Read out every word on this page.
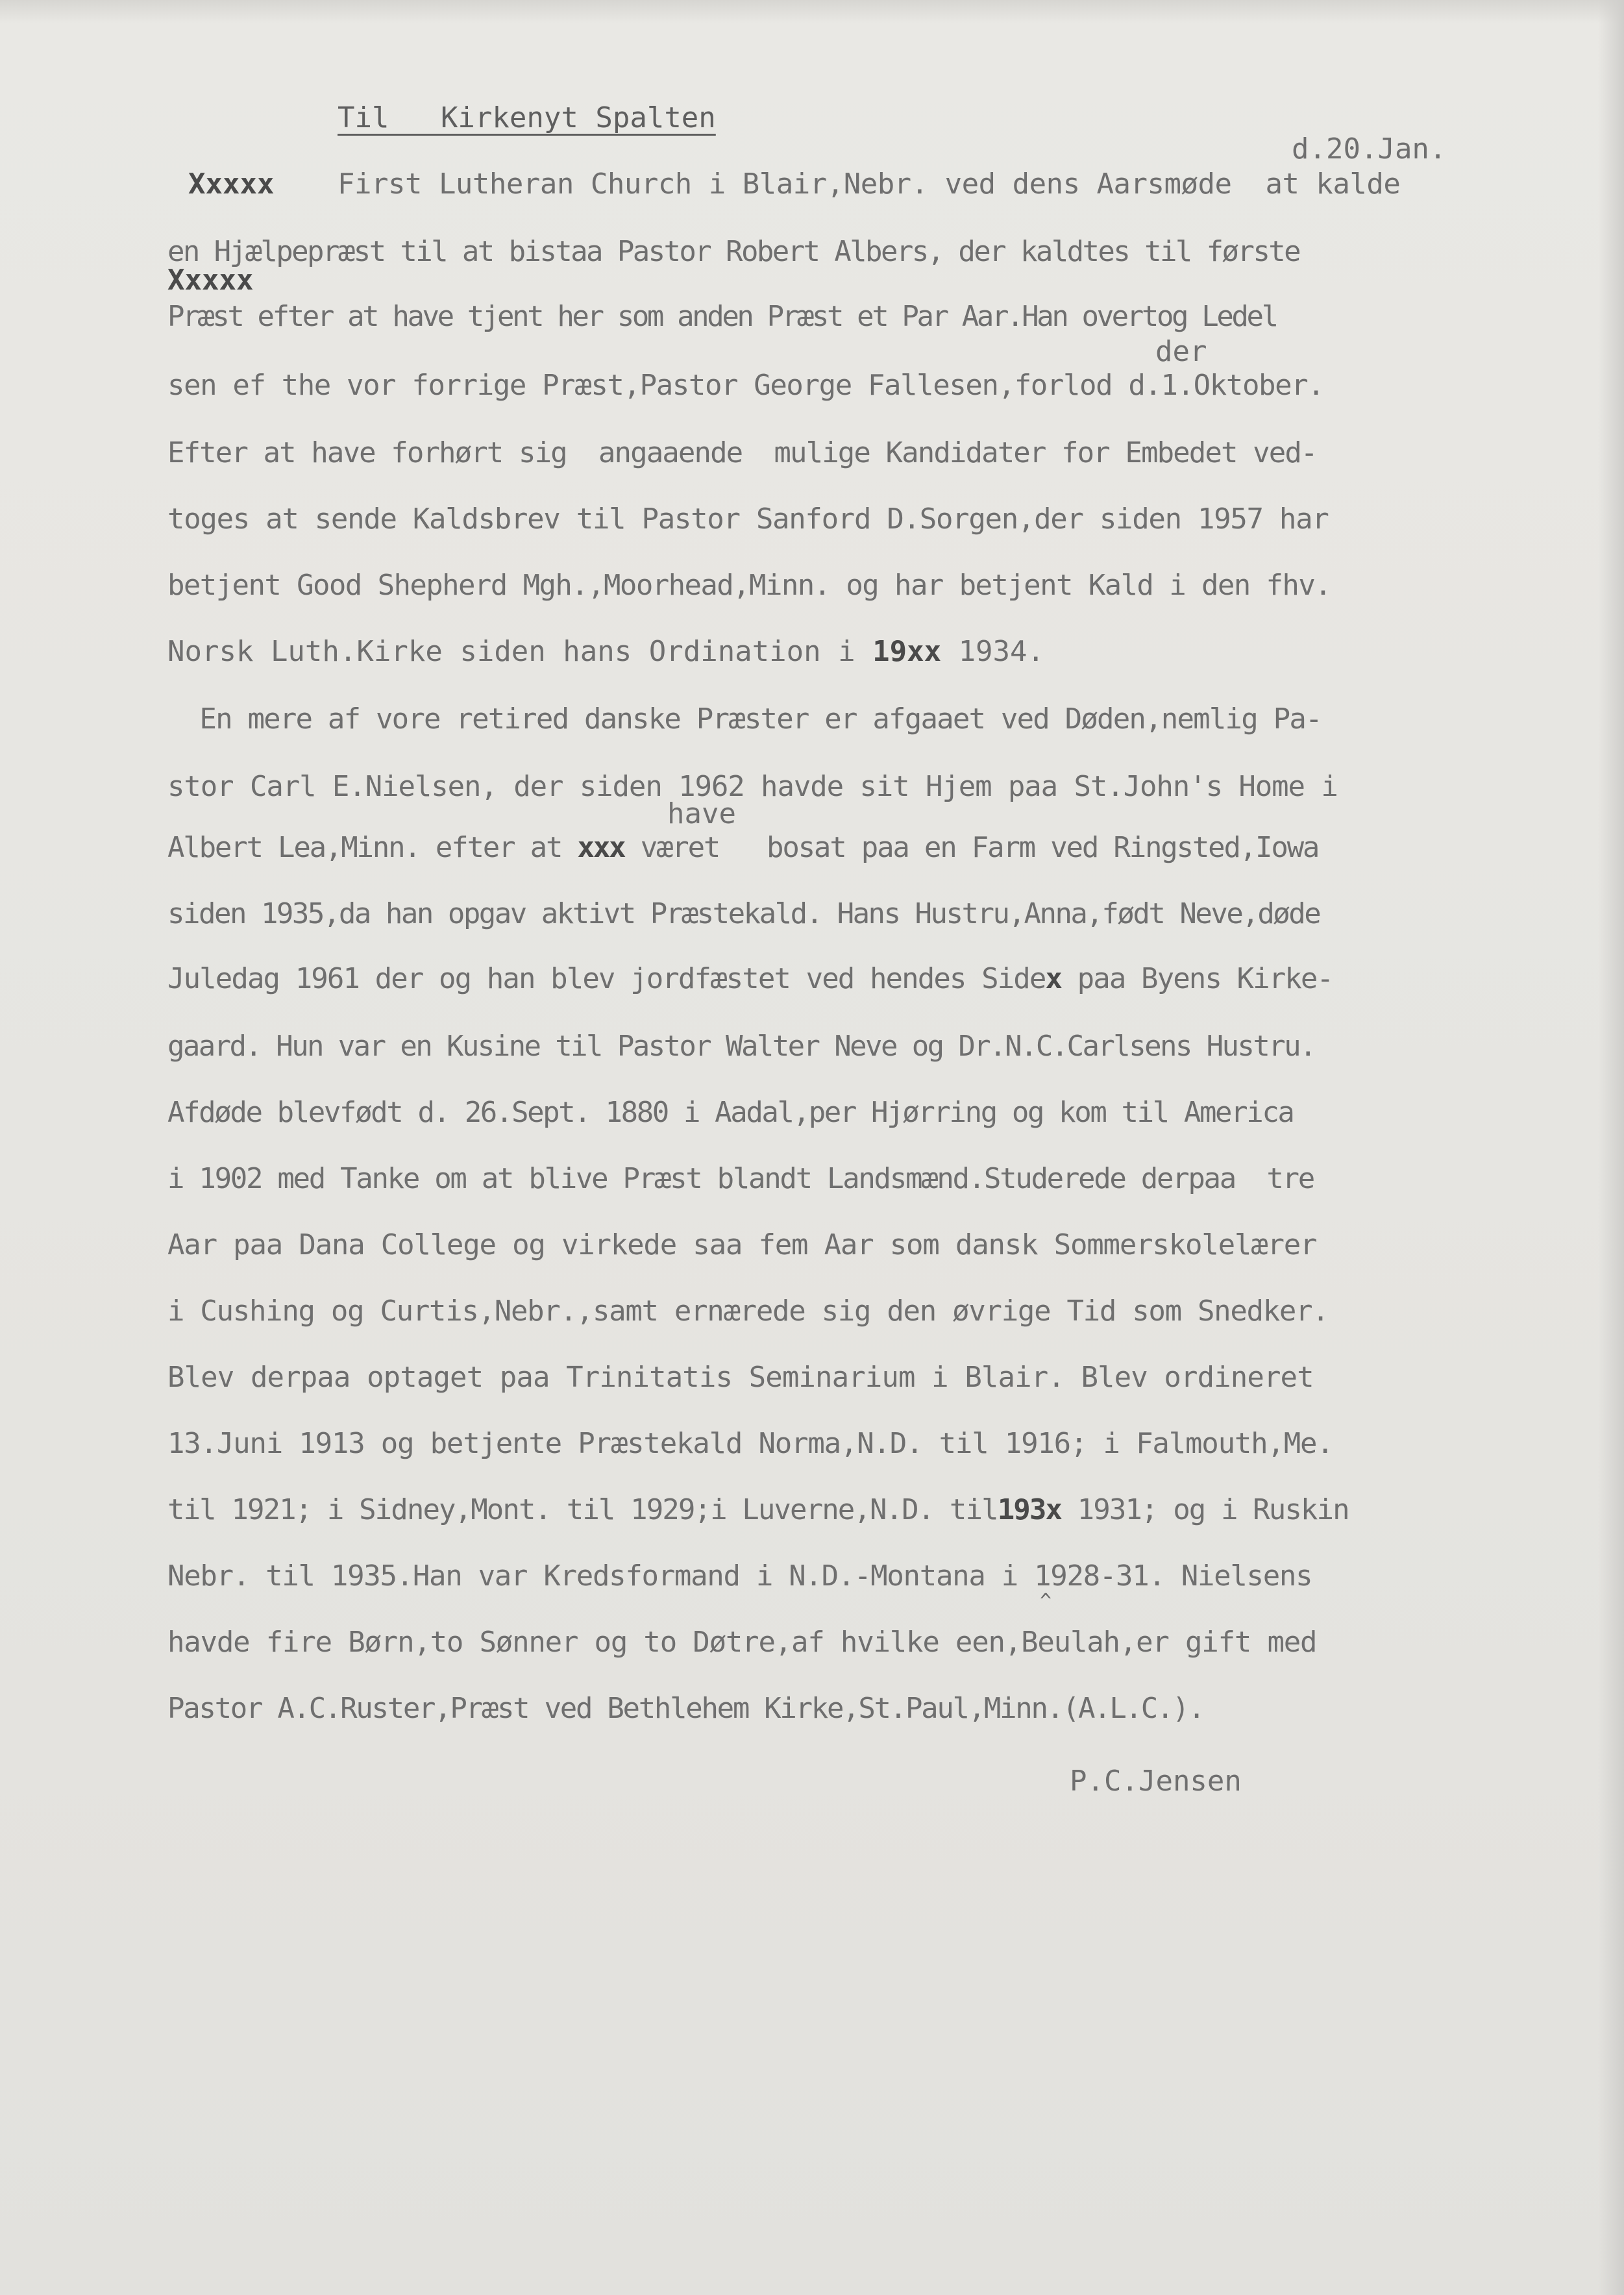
Til   Kirkenyt Spalten

d.20.Jan.

Xxxxx

First Lutheran Church i Blair,Nebr. ved dens Aarsmøde  at kalde

en Hjælpepræst til at bistaa Pastor Robert Albers, der kaldtes til første

Xxxxx

Præst efter at have tjent her som anden Præst et Par Aar.Han overtog Ledel

der

sen ef the vor forrige Præst,Pastor George Fallesen,forlod d.1.Oktober.

Efter at have forhørt sig  angaaende  mulige Kandidater for Embedet ved-

toges at sende Kaldsbrev til Pastor Sanford D.Sorgen,der siden 1957 har

betjent Good Shepherd Mgh.,Moorhead,Minn. og har betjent Kald i den fhv.

Norsk Luth.Kirke siden hans Ordination i 19xx 1934.

En mere af vore retired danske Præster er afgaaet ved Døden,nemlig Pa-

stor Carl E.Nielsen, der siden 1962 havde sit Hjem paa St.John's Home i

have

Albert Lea,Minn. efter at xxx været   bosat paa en Farm ved Ringsted,Iowa

siden 1935,da han opgav aktivt Præstekald. Hans Hustru,Anna,født Neve,døde

Juledag 1961 der og han blev jordfæstet ved hendes Sidex paa Byens Kirke-

gaard. Hun var en Kusine til Pastor Walter Neve og Dr.N.C.Carlsens Hustru.

Afdøde blevfødt d. 26.Sept. 1880 i Aadal,per Hjørring og kom til America

i 1902 med Tanke om at blive Præst blandt Landsmænd.Studerede derpaa  tre

Aar paa Dana College og virkede saa fem Aar som dansk Sommerskolelærer

i Cushing og Curtis,Nebr.,samt ernærede sig den øvrige Tid som Snedker.

Blev derpaa optaget paa Trinitatis Seminarium i Blair. Blev ordineret

13.Juni 1913 og betjente Præstekald Norma,N.D. til 1916; i Falmouth,Me.

til 1921; i Sidney,Mont. til 1929;i Luverne,N.D. til193x 1931; og i Ruskin

Nebr. til 1935.Han var Kredsformand i N.D.-Montana i 1928-31. Nielsens

^

havde fire Børn,to Sønner og to Døtre,af hvilke een,Beulah,er gift med

Pastor A.C.Ruster,Præst ved Bethlehem Kirke,St.Paul,Minn.(A.L.C.).

P.C.Jensen
